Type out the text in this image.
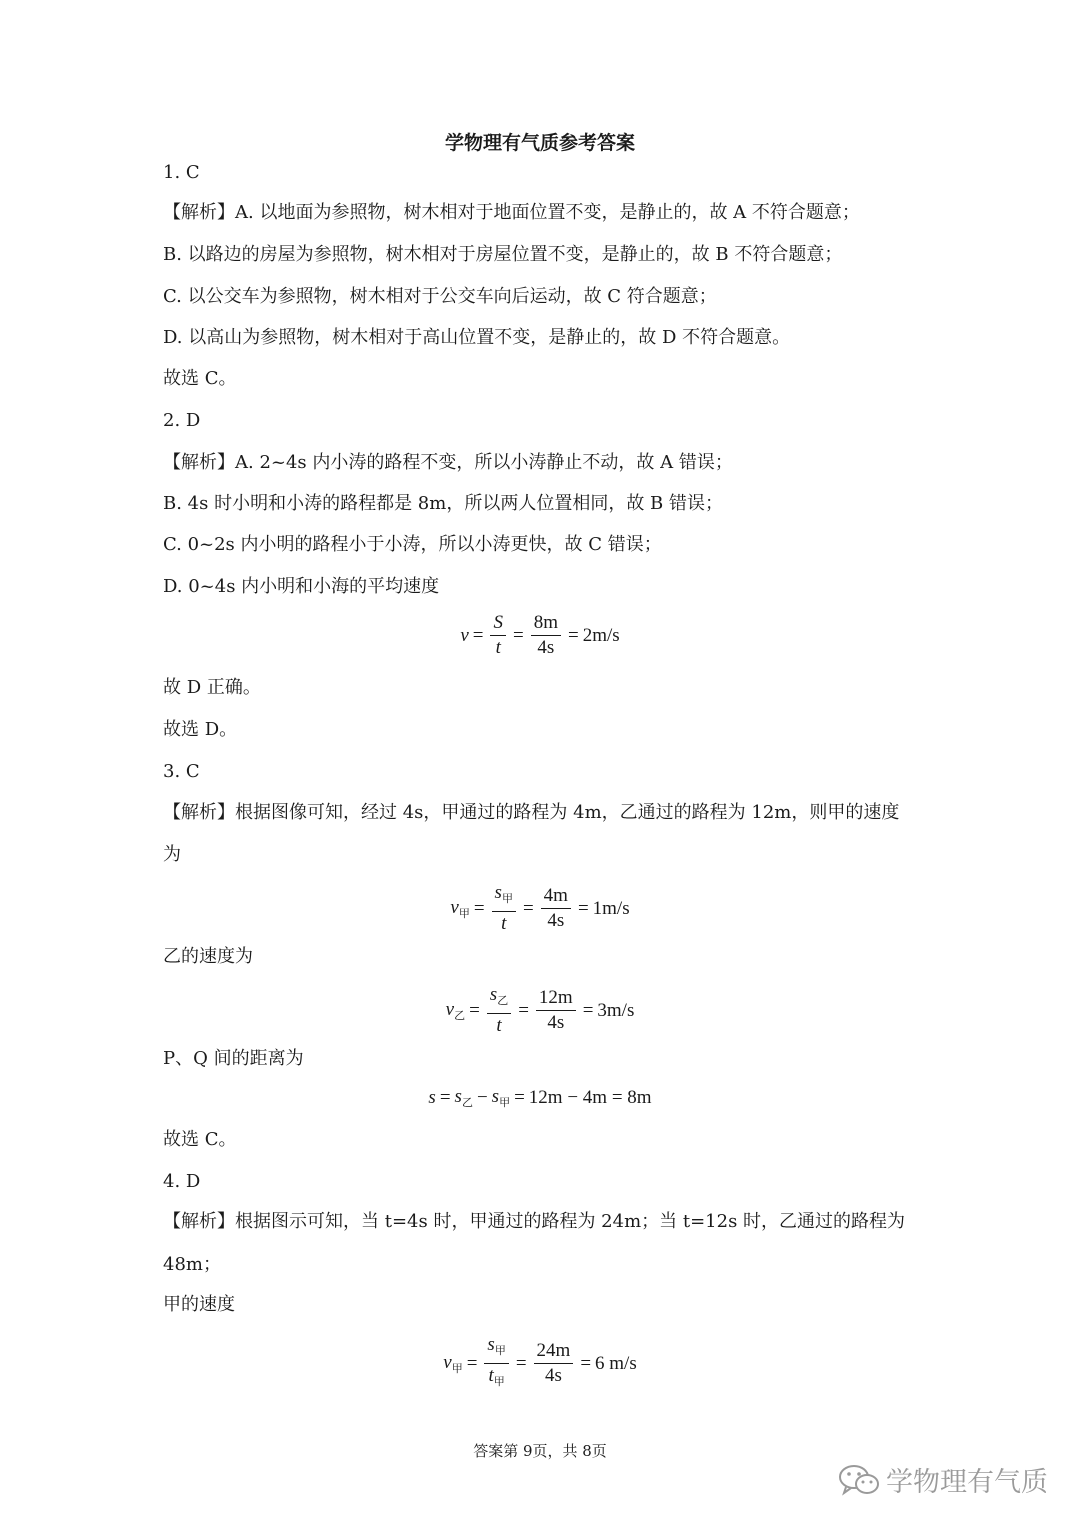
学物理有气质参考答案
1. C
【解析】A. 以地面为参照物，树木相对于地面位置不变，是静止的，故 A 不符合题意；
B. 以路边的房屋为参照物，树木相对于房屋位置不变，是静止的，故 B 不符合题意；
C. 以公交车为参照物，树木相对于公交车向后运动，故 C 符合题意；
D. 以高山为参照物，树木相对于高山位置不变，是静止的，故 D 不符合题意。
故选 C。
2. D
【解析】A. 2~4s 内小涛的路程不变，所以小涛静止不动，故 A 错误；
B. 4s 时小明和小涛的路程都是 8m，所以两人位置相同，故 B 错误；
C. 0~2s 内小明的路程小于小涛，所以小涛更快，故 C 错误；
D. 0~4s 内小明和小海的平均速度
故 D 正确。
故选 D。
3. C
【解析】根据图像可知，经过 4s，甲通过的路程为 4m，乙通过的路程为 12m，则甲的速度
为
乙的速度为
P、Q 间的距离为
故选 C。
4. D
【解析】根据图示可知，当 t=4s 时，甲通过的路程为 24m；当 t=12s 时，乙通过的路程为
48m；
甲的速度
$v = \frac{S}{t} = \frac{8m}{4s} = 2m/s$
$v_甲 = \frac{s_甲}{t} = \frac{4m}{4s} = 1m/s$
$v_乙 = \frac{s_乙}{t} = \frac{12m}{4s} = 3m/s$
$s = s_乙 - s_甲 = 12m - 4m = 8m$
$v_甲 = \frac{s_甲}{t_甲} = \frac{24m}{4s} = 6$ m/s
答案第 9页，共 8页
学物理有气质
